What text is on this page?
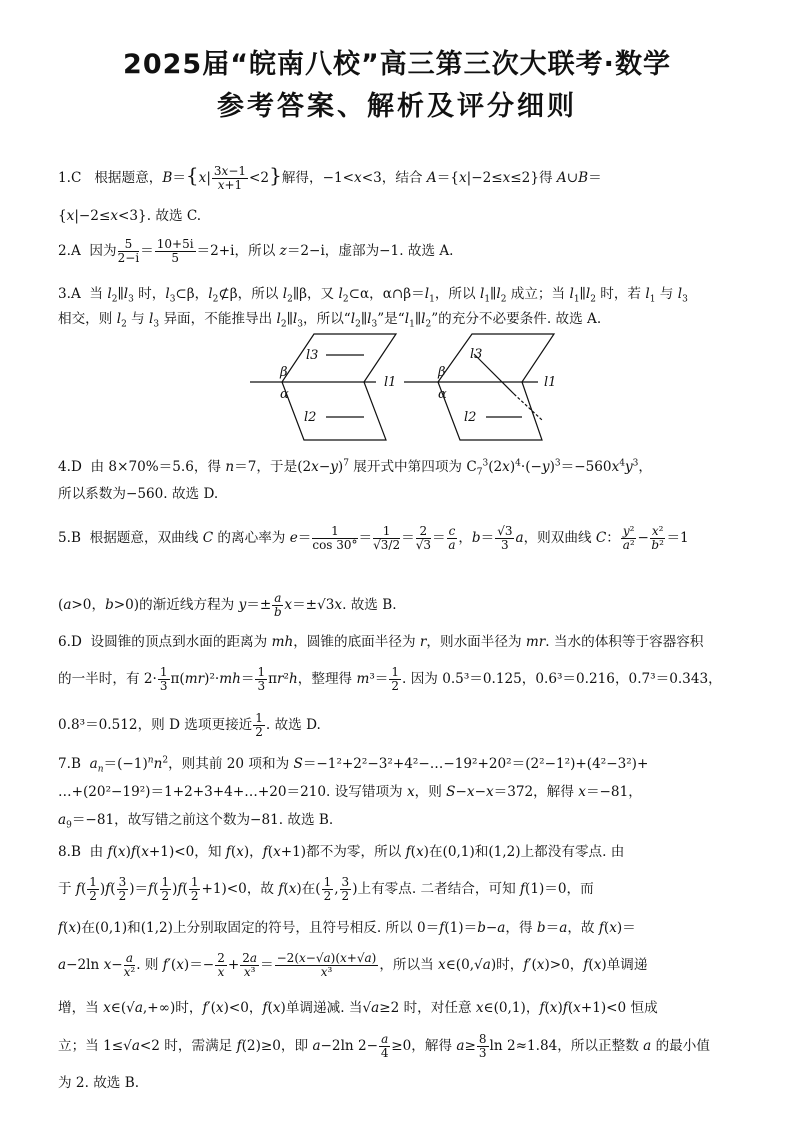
2025届“皖南八校”高三第三次大联考·数学
参考答案、解析及评分细则
1.C   根据题意，$B=\{x| \frac{3x-1}{x+1} <2\}$解得，−1<x<3，结合 A＝{x|−2≤x≤2}得 A∪B＝
{x|−2≤x<3}. 故选 C.
2.A  因为 $\frac{5}{2-i} = \frac{10+5i}{5} =2+i$，所以 z＝2−i，虚部为−1. 故选 A.
3.A  当 $l_2\parallel l_3$ 时，$l_3\subset\beta$，$l_2⊄\beta$，所以 $l_2\parallel\beta$，又 $l_2\subset\alpha$，$\alpha\cap\beta=l_1$，所以 $l_1\parallel l_2$ 成立；当 $l_1\parallel l_2$ 时，若 $l_1$ 与 $l_3$
相交，则 $l_2$ 与 $l_3$ 异面，不能推导出 $l_2\parallel l_3$，所以“$l_2\parallel l_3$”是“$l_1\parallel l_2$”的充分不必要条件. 故选 A.
l3
β
α
l1
l2
l3
β
α
l1
l2
4.D  由 8×70%＝5.6，得 n＝7，于是$(2x-y)^7$ 展开式中第四项为 $C_7^3(2x)^4\cdot(-y)^3=-560x^4y^3$，
所以系数为−560. 故选 D.
5.B  根据题意，双曲线 C 的离心率为 $e= \frac{1}{\cos 30^\circ} = \frac{1}{√3/2} = \frac{2}{√3} = \frac{c}{a}$ ，$b= \frac{√3}{3}$ a，则双曲线 C： $\frac{\text{y²}}{\text{a²}} - \frac{\text{x²}}{\text{b²}} =1$
(a>0，b>0)的渐近线方程为 $y=\pm \frac{a}{b} x=\pm√3x$. 故选 B.
6.D  设圆锥的顶点到水面的距离为 mh，圆锥的底面半径为 r，则水面半径为 mr. 当水的体积等于容器容积
的一半时，有 $2\cdot \frac{1}{3} \pi(mr)^2\cdot mh= \frac{1}{3} \pi r^2h$，整理得 $m^3= \frac{1}{2}$ . 因为 0.5³＝0.125，0.6³＝0.216，0.7³＝0.343，
0.8³＝0.512，则 D 选项更接近 $\frac{1}{2}$ . 故选 D.
7.B  $a_n=(-1)^nn^2$，则其前 20 项和为 S＝−1²+2²−3²+4²−…−19²+20²＝(2²−1²)+(4²−3²)+
…+(20²−19²)＝1+2+3+4+…+20＝210. 设写错项为 x，则 S−x−x＝372，解得 x＝−81，
$a_9=-81$，故写错之前这个数为−81. 故选 B.
8.B  由 f(x)f(x+1)<0，知 f(x)，f(x+1)都不为零，所以 f(x)在(0,1)和(1,2)上都没有零点. 由
于 $f( \frac{1}{2} )f( \frac{3}{2} )=f( \frac{1}{2} )f( \frac{1}{2} +1)<0$，故 f(x)在( $\frac{1}{2}$ , $\frac{3}{2}$ )上有零点. 二者结合，可知 f(1)＝0，而
f(x)在(0,1)和(1,2)上分别取固定的符号，且符号相反. 所以 0＝f(1)＝b−a，得 b＝a，故 f(x)＝
a−2ln $x- \frac{a}{\text{x²}}$ . 则 $f'(x)=- \frac{2}{x} + \frac{2a}{\text{x³}} = \frac{-2(x-√a)(x+√a)}{\text{x³}}$ ，所以当 x∈(0,√a)时，f′(x)>0，f(x)单调递
增，当 x∈(√a,+∞)时，f′(x)<0，f(x)单调递减. 当√a≥2 时，对任意 x∈(0,1)，f(x)f(x+1)<0 恒成
立；当 1≤√a<2 时，需满足 f(2)≥0，即 a−2ln $2- \frac{a}{4} \ge 0$，解得 $a\ge \frac{8}{3}$ ln 2≈1.84，所以正整数 a 的最小值
为 2. 故选 B.
